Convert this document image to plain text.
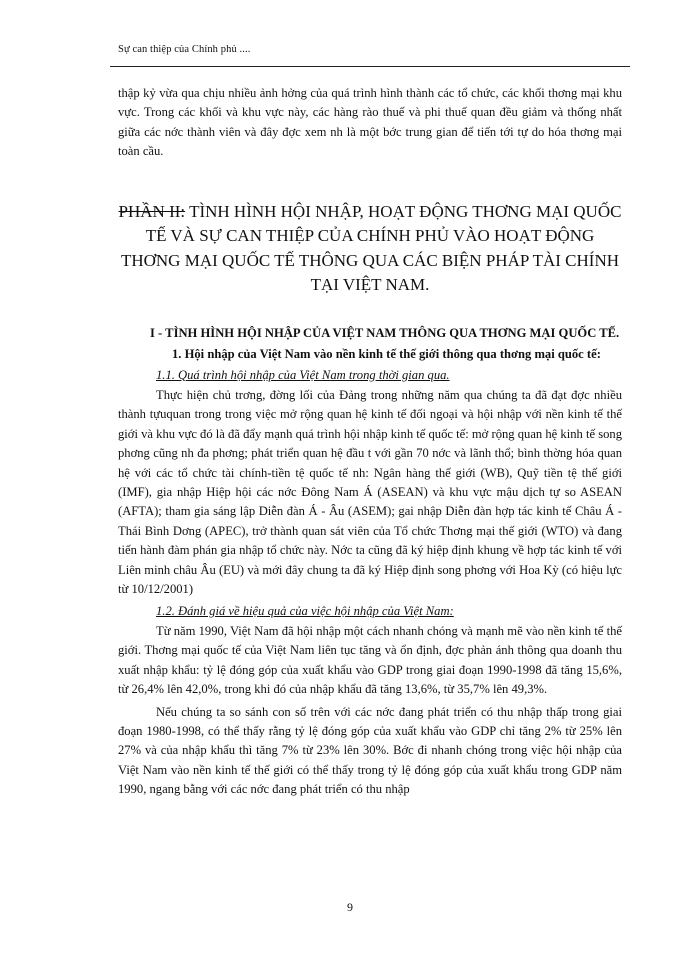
Sự can thiệp của Chính phủ ....

thập kỷ vừa qua chịu nhiều ảnh hởng của quá trình hình thành các tổ chức, các khối thơng mại khu vực. Trong các khối và khu vực này, các hàng rào thuế và phi thuế quan đều giảm và thống nhất giữa các nớc thành viên và đây đợc xem nh là một bớc trung gian để tiến tới tự do hóa thơng mại toàn cầu.

PHẦN II: TÌNH HÌNH HỘI NHẬP, HOẠT ĐỘNG THƠNG MẠI QUỐC TẾ VÀ SỰ CAN THIỆP CỦA CHÍNH PHỦ VÀO HOẠT ĐỘNG THƠNG MẠI QUỐC TẾ THÔNG QUA CÁC BIỆN PHÁP TÀI CHÍNH TẠI VIỆT NAM.
I - TÌNH HÌNH HỘI NHẬP CỦA VIỆT NAM THÔNG QUA THƠNG MẠI QUỐC TẾ.
1. Hội nhập của Việt Nam vào nền kinh tế thế giới thông qua thơng mại quốc tế:
1.1. Quá trình hội nhập của Việt Nam trong thời gian qua.

Thực hiện chủ trơng, đờng lối của Đảng trong những năm qua chúng ta đã đạt đợc nhiều thành tựuquan trong trong việc mở rộng quan hệ kinh tế đối ngoại và hội nhập với nền kinh tế thế giới và khu vực đó là đã đẩy mạnh quá trình hội nhập kinh tế quốc tế: mở rộng quan hệ kinh tế song phơng cũng nh đa phơng; phát triển quan hệ đầu t với gần 70 nớc và lãnh thổ; bình thờng hóa quan hệ với các tổ chức tài chính-tiền tệ quốc tế nh: Ngân hàng thế giới (WB), Quỹ tiền tệ thế giới (IMF), gia nhập Hiệp hội các nớc Đông Nam Á (ASEAN) và khu vực mậu dịch tự so ASEAN (AFTA); tham gia sáng lập Diễn đàn Á - Âu (ASEM); gai nhập Diễn đàn hợp tác kinh tế Châu Á - Thái Bình Dơng (APEC), trở thành quan sát viên của Tổ chức Thơng mại thế giới (WTO) và đang tiến hành đàm phán gia nhập tổ chức này. Nớc ta cũng đã ký hiệp định khung về hợp tác kinh tế với Liên minh châu Âu (EU) và mới đây chung ta đã ký Hiệp định song phơng với Hoa Kỳ (có hiệu lực từ 10/12/2001)

1.2. Đánh giá về hiệu quả của việc hội nhập của Việt Nam:

Từ năm 1990, Việt Nam đã hội nhập một cách nhanh chóng và mạnh mẽ vào nền kinh tế thế giới. Thơng mại quốc tế của Việt Nam liên tục tăng và ổn định, đợc phản ánh thông qua doanh thu xuất nhập khẩu: tỷ lệ đóng góp của xuất khẩu vào GDP trong giai đoạn 1990-1998 đã tăng 15,6%, từ 26,4% lên 42,0%, trong khi đó của nhập khẩu đã tăng 13,6%, từ 35,7% lên 49,3%.

Nếu chúng ta so sánh con số trên với các nớc đang phát triển có thu nhập thấp trong giai đoạn 1980-1998, có thể thấy rằng tỷ lệ đóng góp của xuất khẩu vào GDP chỉ tăng 2% từ 25% lên 27% và của nhập khẩu thì tăng 7% từ 23% lên 30%. Bớc đi nhanh chóng trong việc hội nhập của Việt Nam vào nền kinh tế thế giới có thể thấy trong tỷ lệ đóng góp của xuất khẩu trong GDP năm 1990, ngang bằng với các nớc đang phát triển có thu nhập

9
